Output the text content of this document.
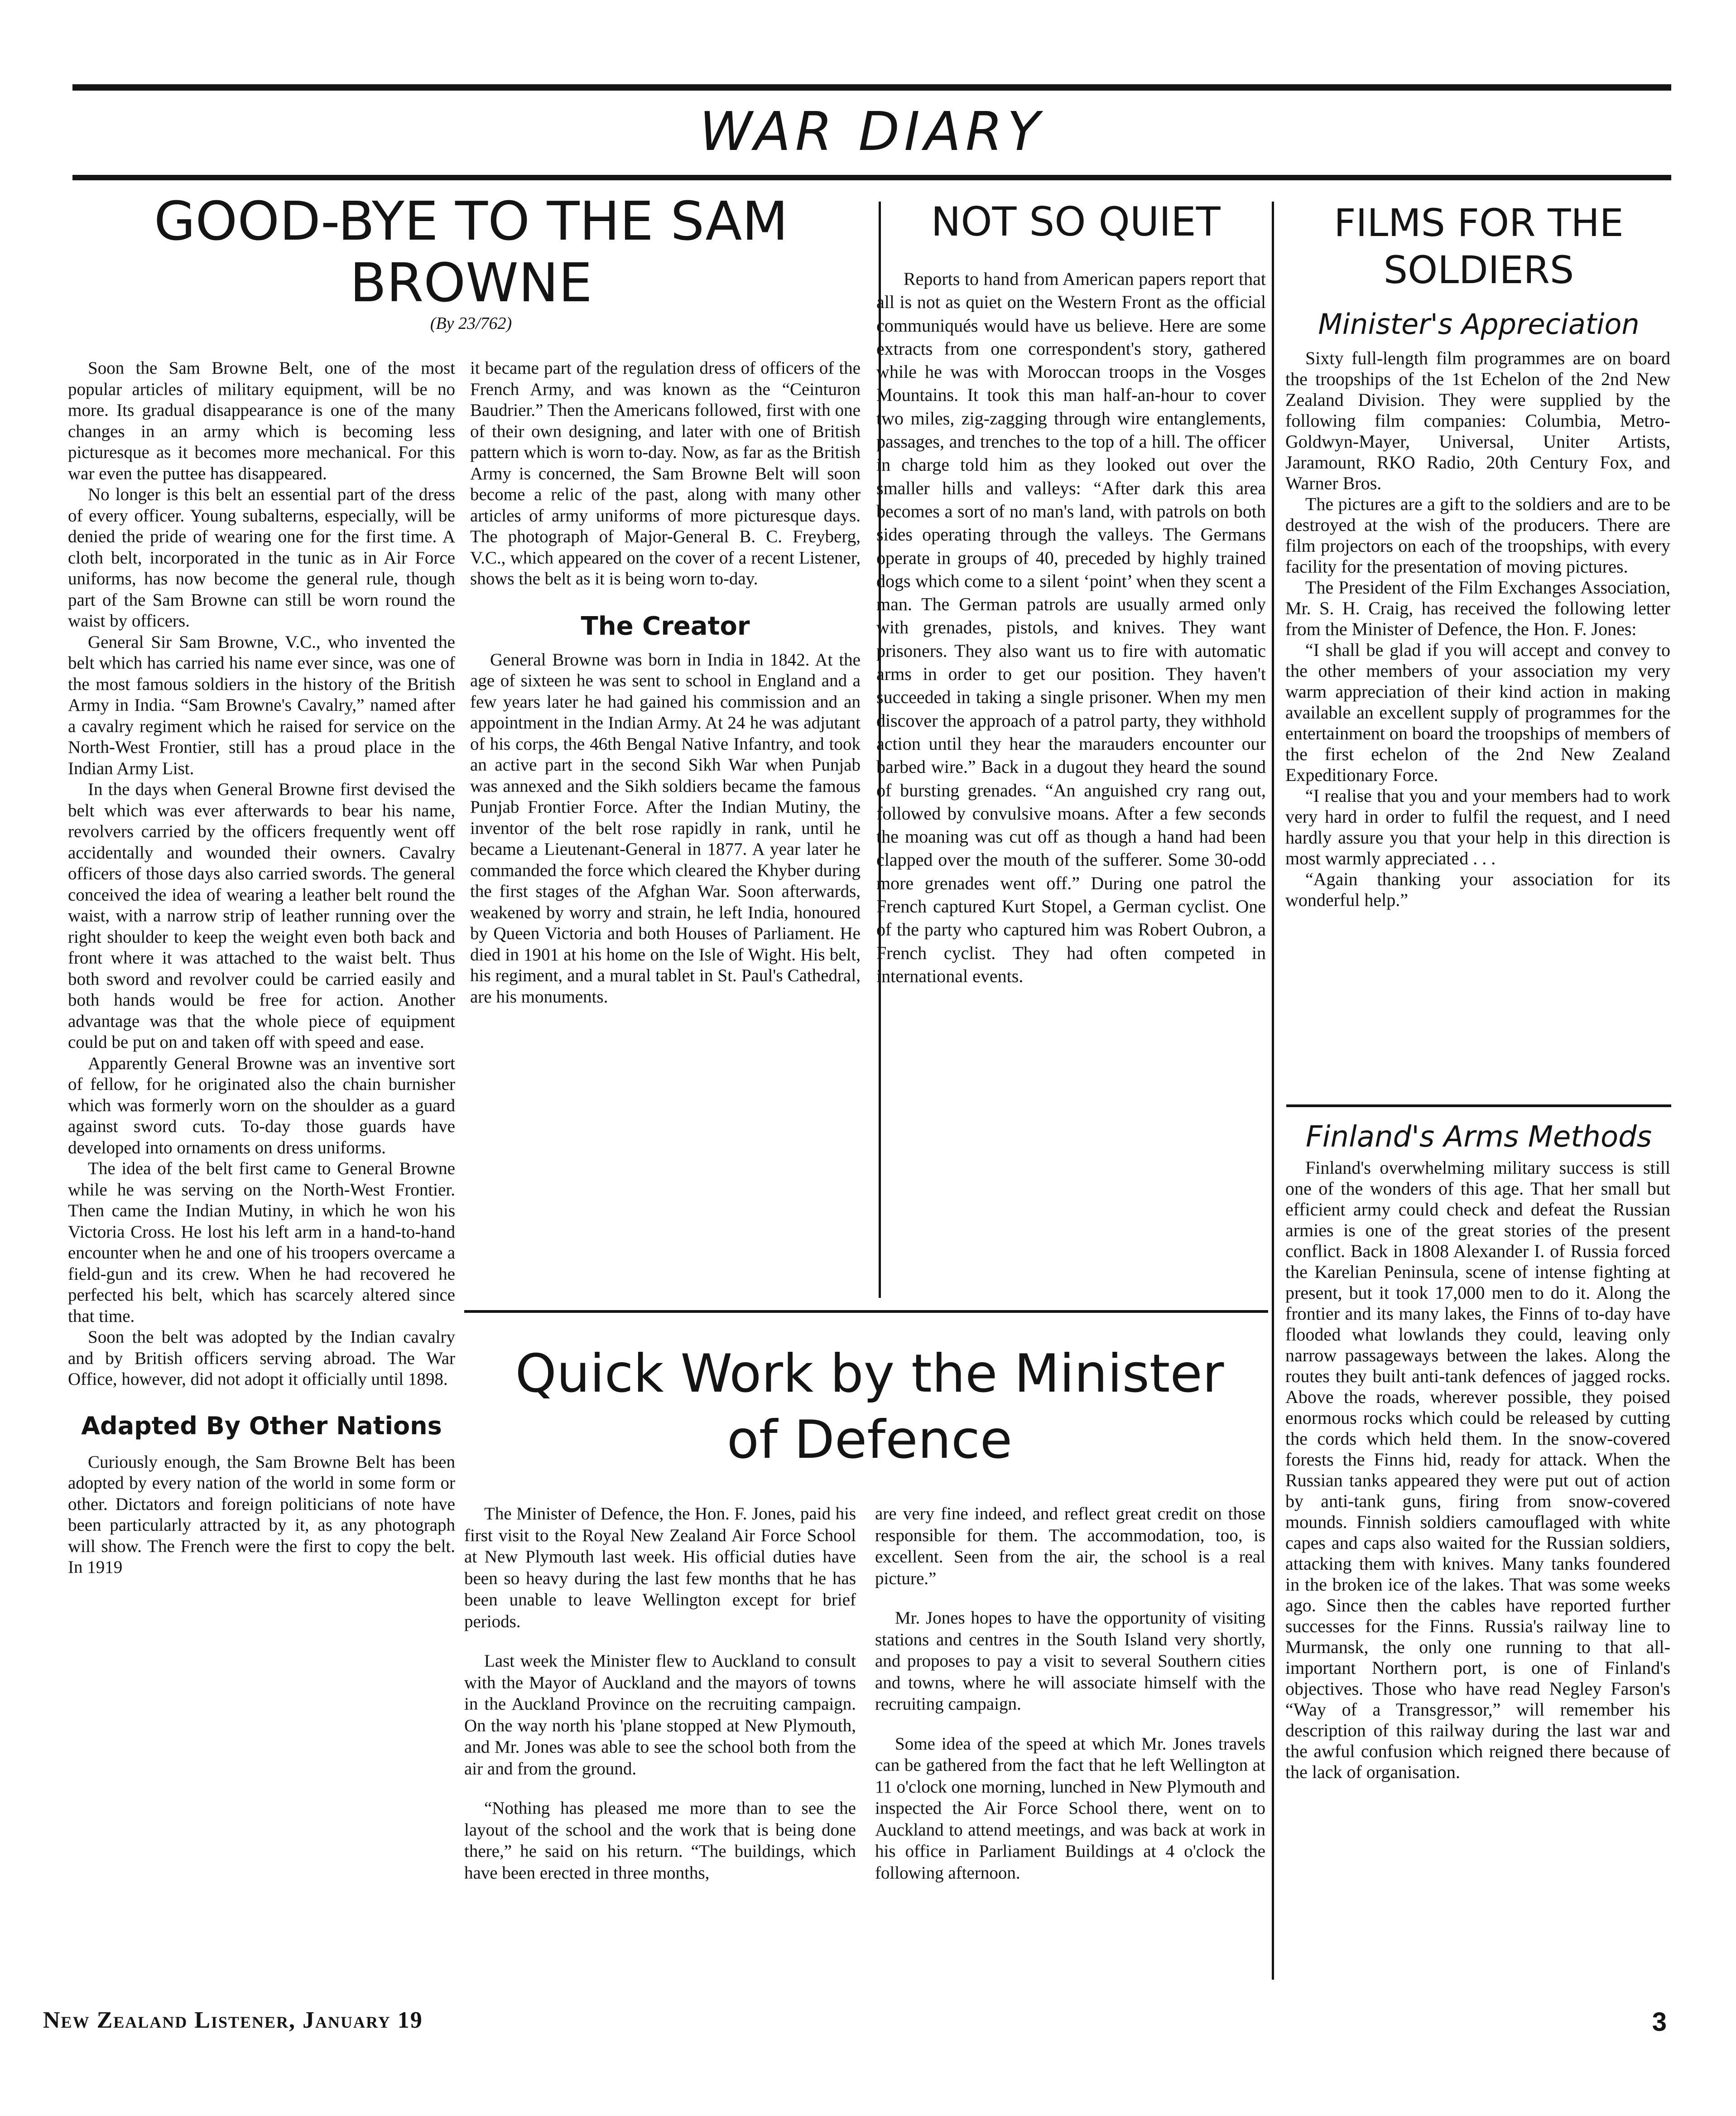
WAR DIARY
GOOD-BYE TO THE SAM BROWNE
(By 23/762)

Soon the Sam Browne Belt, one of the most popular articles of military equipment, will be no more. Its gradual disappearance is one of the many changes in an army which is becoming less picturesque as it becomes more mechanical. For this war even the puttee has disappeared.

No longer is this belt an essential part of the dress of every officer. Young subalterns, especially, will be denied the pride of wearing one for the first time. A cloth belt, incorporated in the tunic as in Air Force uniforms, has now become the general rule, though part of the Sam Browne can still be worn round the waist by officers.

General Sir Sam Browne, V.C., who invented the belt which has carried his name ever since, was one of the most famous soldiers in the history of the British Army in India. “Sam Browne's Cavalry,” named after a cavalry regiment which he raised for service on the North-West Frontier, still has a proud place in the Indian Army List.

In the days when General Browne first devised the belt which was ever afterwards to bear his name, revolvers carried by the officers frequently went off accidentally and wounded their owners. Cavalry officers of those days also carried swords. The general conceived the idea of wearing a leather belt round the waist, with a narrow strip of leather running over the right shoulder to keep the weight even both back and front where it was attached to the waist belt. Thus both sword and revolver could be carried easily and both hands would be free for action. Another advantage was that the whole piece of equipment could be put on and taken off with speed and ease.

Apparently General Browne was an inventive sort of fellow, for he originated also the chain burnisher which was formerly worn on the shoulder as a guard against sword cuts. To-day those guards have developed into ornaments on dress uniforms.

The idea of the belt first came to General Browne while he was serving on the North-West Frontier. Then came the Indian Mutiny, in which he won his Victoria Cross. He lost his left arm in a hand-to-hand encounter when he and one of his troopers overcame a field-gun and its crew. When he had recovered he perfected his belt, which has scarcely altered since that time.

Soon the belt was adopted by the Indian cavalry and by British officers serving abroad. The War Office, however, did not adopt it officially until 1898.

Adapted By Other Nations

Curiously enough, the Sam Browne Belt has been adopted by every nation of the world in some form or other. Dictators and foreign politicians of note have been particularly attracted by it, as any photograph will show. The French were the first to copy the belt. In 1919

it became part of the regulation dress of officers of the French Army, and was known as the “Ceinturon Baudrier.” Then the Americans followed, first with one of their own designing, and later with one of British pattern which is worn to-day. Now, as far as the British Army is concerned, the Sam Browne Belt will soon become a relic of the past, along with many other articles of army uniforms of more picturesque days. The photograph of Major-General B. C. Freyberg, V.C., which appeared on the cover of a recent Listener, shows the belt as it is being worn to-day.

The Creator

General Browne was born in India in 1842. At the age of sixteen he was sent to school in England and a few years later he had gained his commission and an appointment in the Indian Army. At 24 he was adjutant of his corps, the 46th Bengal Native Infantry, and took an active part in the second Sikh War when Punjab was annexed and the Sikh soldiers became the famous Punjab Frontier Force. After the Indian Mutiny, the inventor of the belt rose rapidly in rank, until he became a Lieutenant-General in 1877. A year later he commanded the force which cleared the Khyber during the first stages of the Afghan War. Soon afterwards, weakened by worry and strain, he left India, honoured by Queen Victoria and both Houses of Parliament. He died in 1901 at his home on the Isle of Wight. His belt, his regiment, and a mural tablet in St. Paul's Cathedral, are his monuments.

NOT SO QUIET

Reports to hand from American papers report that all is not as quiet on the Western Front as the official communiqués would have us believe. Here are some extracts from one correspondent's story, gathered while he was with Moroccan troops in the Vosges Mountains. It took this man half-an-hour to cover two miles, zig-zagging through wire entanglements, passages, and trenches to the top of a hill. The officer in charge told him as they looked out over the smaller hills and valleys: “After dark this area becomes a sort of no man's land, with patrols on both sides operating through the valleys. The Germans operate in groups of 40, preceded by highly trained dogs which come to a silent ‘point’ when they scent a man. The German patrols are usually armed only with grenades, pistols, and knives. They want prisoners. They also want us to fire with automatic arms in order to get our position. They haven't succeeded in taking a single prisoner. When my men discover the approach of a patrol party, they withhold action until they hear the marauders encounter our barbed wire.” Back in a dugout they heard the sound of bursting grenades. “An anguished cry rang out, followed by convulsive moans. After a few seconds the moaning was cut off as though a hand had been clapped over the mouth of the sufferer. Some 30-odd more grenades went off.” During one patrol the French captured Kurt Stopel, a German cyclist. One of the party who captured him was Robert Oubron, a French cyclist. They had often competed in international events.

FILMS FOR THE SOLDIERS
Minister's Appreciation

Sixty full-length film programmes are on board the troopships of the 1st Echelon of the 2nd New Zealand Division. They were supplied by the following film companies: Columbia, Metro-Goldwyn-Mayer, Universal, Uniter Artists, Jaramount, RKO Radio, 20th Century Fox, and Warner Bros.

The pictures are a gift to the soldiers and are to be destroyed at the wish of the producers. There are film projectors on each of the troopships, with every facility for the presentation of moving pictures.

The President of the Film Exchanges Association, Mr. S. H. Craig, has received the following letter from the Minister of Defence, the Hon. F. Jones:

“I shall be glad if you will accept and convey to the other members of your association my very warm appreciation of their kind action in making available an excellent supply of programmes for the entertainment on board the troopships of members of the first echelon of the 2nd New Zealand Expeditionary Force.

“I realise that you and your members had to work very hard in order to fulfil the request, and I need hardly assure you that your help in this direction is most warmly appreciated . . .

“Again thanking your association for its wonderful help.”

Finland's Arms Methods

Finland's overwhelming military success is still one of the wonders of this age. That her small but efficient army could check and defeat the Russian armies is one of the great stories of the present conflict. Back in 1808 Alexander I. of Russia forced the Karelian Peninsula, scene of intense fighting at present, but it took 17,000 men to do it. Along the frontier and its many lakes, the Finns of to-day have flooded what lowlands they could, leaving only narrow passageways between the lakes. Along the routes they built anti-tank defences of jagged rocks. Above the roads, wherever possible, they poised enormous rocks which could be released by cutting the cords which held them. In the snow-covered forests the Finns hid, ready for attack. When the Russian tanks appeared they were put out of action by anti-tank guns, firing from snow-covered mounds. Finnish soldiers camouflaged with white capes and caps also waited for the Russian soldiers, attacking them with knives. Many tanks foundered in the broken ice of the lakes. That was some weeks ago. Since then the cables have reported further successes for the Finns. Russia's railway line to Murmansk, the only one running to that all-important Northern port, is one of Finland's objectives. Those who have read Negley Farson's “Way of a Transgressor,” will remember his description of this railway during the last war and the awful confusion which reigned there because of the lack of organisation.

Quick Work by the Minister of Defence

The Minister of Defence, the Hon. F. Jones, paid his first visit to the Royal New Zealand Air Force School at New Plymouth last week. His official duties have been so heavy during the last few months that he has been unable to leave Wellington except for brief periods.

Last week the Minister flew to Auckland to consult with the Mayor of Auckland and the mayors of towns in the Auckland Province on the recruiting campaign. On the way north his 'plane stopped at New Plymouth, and Mr. Jones was able to see the school both from the air and from the ground.

“Nothing has pleased me more than to see the layout of the school and the work that is being done there,” he said on his return. “The buildings, which have been erected in three months,

are very fine indeed, and reflect great credit on those responsible for them. The accommodation, too, is excellent. Seen from the air, the school is a real picture.”

Mr. Jones hopes to have the opportunity of visiting stations and centres in the South Island very shortly, and proposes to pay a visit to several Southern cities and towns, where he will associate himself with the recruiting campaign.

Some idea of the speed at which Mr. Jones travels can be gathered from the fact that he left Wellington at 11 o'clock one morning, lunched in New Plymouth and inspected the Air Force School there, went on to Auckland to attend meetings, and was back at work in his office in Parliament Buildings at 4 o'clock the following afternoon.

New Zealand Listener, January 19	3
